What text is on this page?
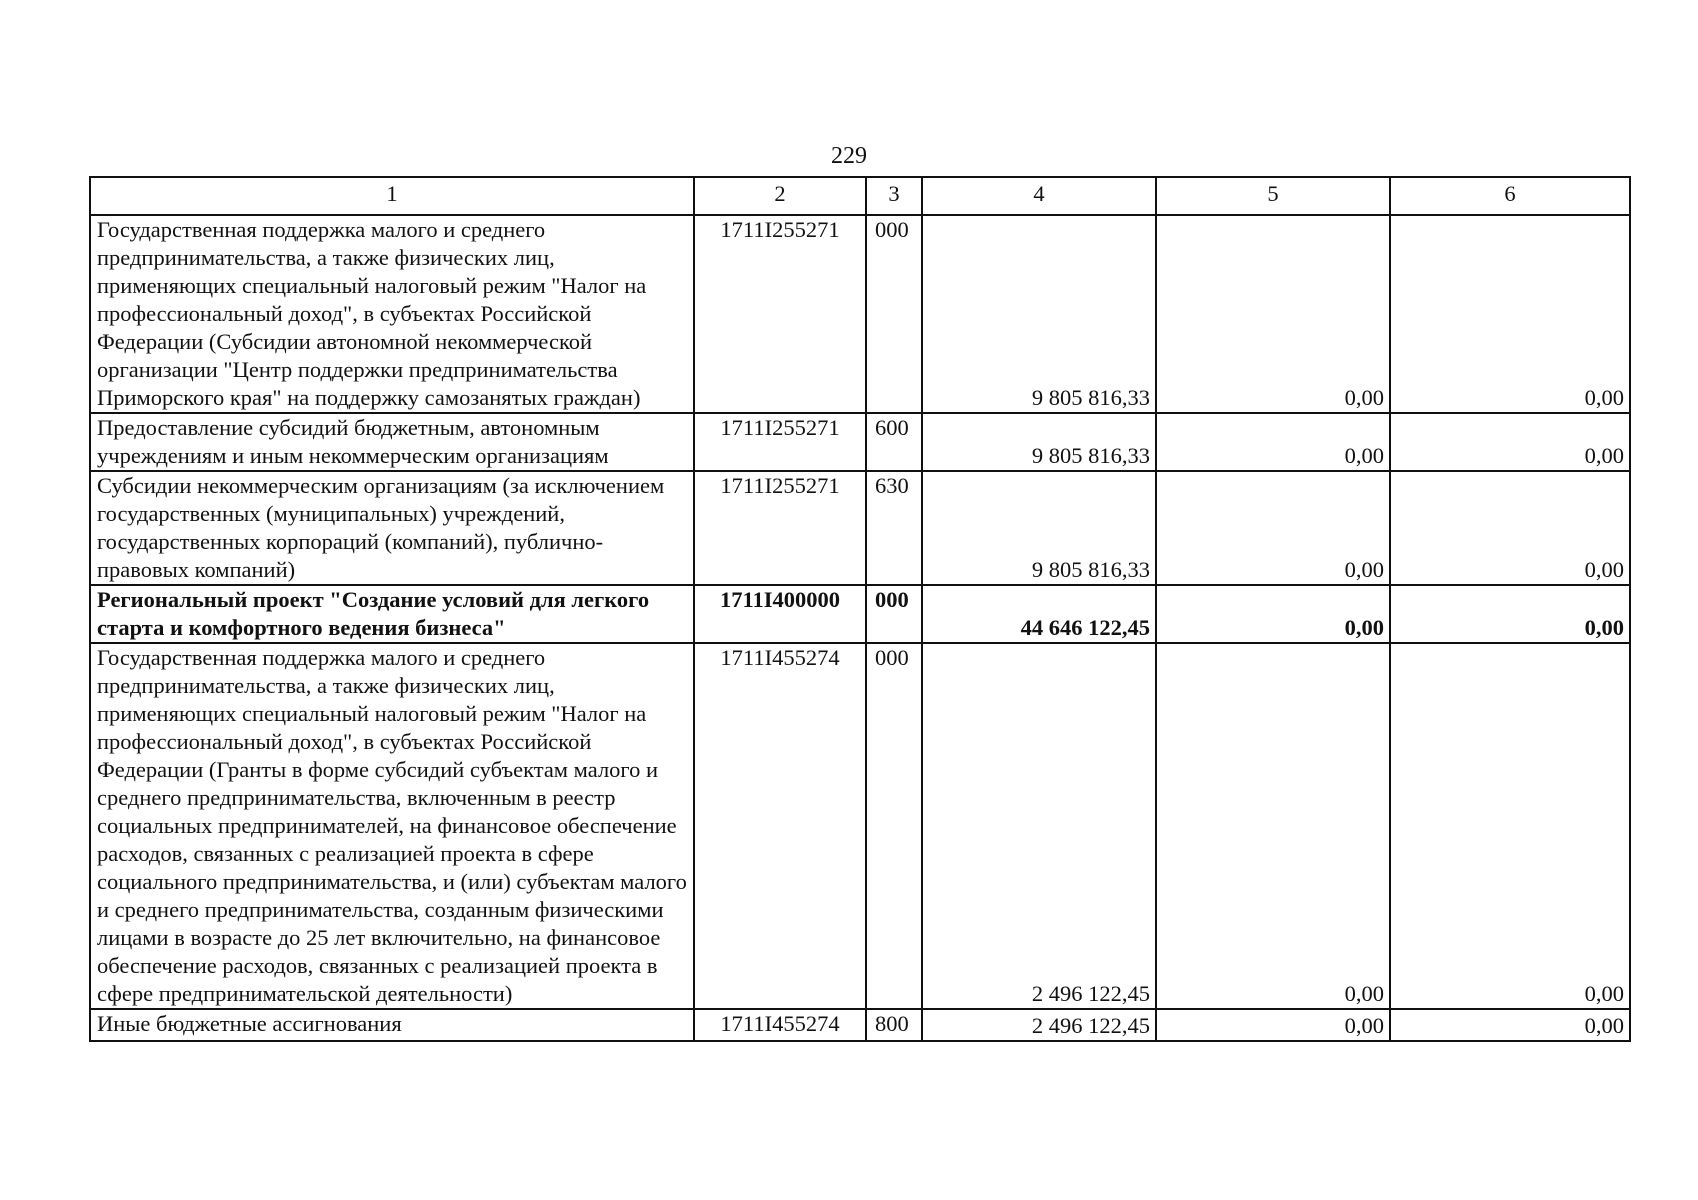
229
1	2	3	4	5	6
Государственная поддержка малого и среднего предпринимательства, а также физических лиц, применяющих специальный налоговый режим "Налог на профессиональный доход", в субъектах Российской Федерации (Субсидии автономной некоммерческой организации "Центр поддержки предпринимательства Приморского края" на поддержку самозанятых граждан)	1711I255271	000	9 805 816,33	0,00	0,00
Предоставление субсидий бюджетным, автономным учреждениям и иным некоммерческим организациям	1711I255271	600	9 805 816,33	0,00	0,00
Субсидии некоммерческим организациям (за исключением государственных (муниципальных) учреждений, государственных корпораций (компаний), публично-правовых компаний)	1711I255271	630	9 805 816,33	0,00	0,00
Региональный проект "Создание условий для легкого старта и комфортного ведения бизнеса"	1711I400000	000	44 646 122,45	0,00	0,00
Государственная поддержка малого и среднего предпринимательства, а также физических лиц, применяющих специальный налоговый режим "Налог на профессиональный доход", в субъектах Российской Федерации (Гранты в форме субсидий субъектам малого и среднего предпринимательства, включенным в реестр социальных предпринимателей, на финансовое обеспечение расходов, связанных с реализацией проекта в сфере социального предпринимательства, и (или) субъектам малого и среднего предпринимательства, созданным физическими лицами в возрасте до 25 лет включительно, на финансовое обеспечение расходов, связанных с реализацией проекта в сфере предпринимательской деятельности)	1711I455274	000	2 496 122,45	0,00	0,00
Иные бюджетные ассигнования	1711I455274	800	2 496 122,45	0,00	0,00
